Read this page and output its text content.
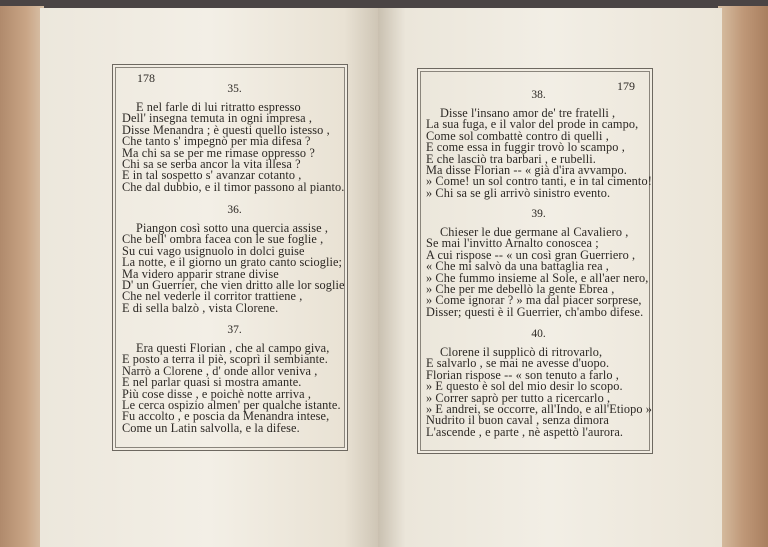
178
179
35.
E nel farle di lui ritratto espresso
Dell' insegna temuta in ogni impresa ,
Disse Menandra ; è questi quello istesso ,
Che tanto s' impegnò per mia difesa ?
Ma chi sa se per me rimase oppresso ?
Chi sa se serba ancor la vita illesa ?
E in tal sospetto s' avanzar cotanto ,
Che dal dubbio, e il timor passono al pianto.
36.
Piangon così sotto una quercia assise ,
Che bell' ombra facea con le sue foglie ,
Su cui vago usignuolo in dolci guise
La notte, e il giorno un grato canto scioglie;
Ma videro apparir strane divise
D' un Guerrier, che vien dritto alle lor soglie
Che nel vederle il corritor trattiene ,
E di sella balzò , vista Clorene.
37.
Era questi Florian , che al campo giva,
E posto a terra il piè, scoprì il sembiante.
Narrò a Clorene , d' onde allor veniva ,
E nel parlar quasi si mostra amante.
Più cose disse , e poichè notte arriva ,
Le cerca ospizio almen' per qualche istante.
Fu accolto , e poscia da Menandra intese,
Come un Latin salvolla, e la difese.
38.
Disse l'insano amor de' tre fratelli ,
La sua fuga, e il valor del prode in campo,
Come sol combattè contro di quelli ,
E come essa in fuggir trovò lo scampo ,
E che lasciò tra barbari , e rubelli.
Ma disse Florian -- « già d'ira avvampo.
» Come! un sol contro tanti, e in tal cimento!
» Chi sa se gli arrivò sinistro evento.
39.
Chieser le due germane al Cavaliero ,
Se mai l'invitto Arnalto conoscea ;
A cui rispose -- « un così gran Guerriero ,
« Che mi salvò da una battaglia rea ,
» Che fummo insieme al Sole, e all'aer nero,
» Che per me debellò la gente Ebrea ,
» Come ignorar ? » ma dal piacer sorprese,
Disser; questi è il Guerrier, ch'ambo difese.
40.
Clorene il supplicò di ritrovarlo,
E salvarlo , se mai ne avesse d'uopo.
Florian rispose -- « son tenuto a farlo ,
» E questo è sol del mio desir lo scopo.
» Correr saprò per tutto a ricercarlo ,
» E andrei, se occorre, all'Indo, e all'Etiopo »
Nudrito il buon caval , senza dimora
L'ascende , e parte , nè aspettò l'aurora.
